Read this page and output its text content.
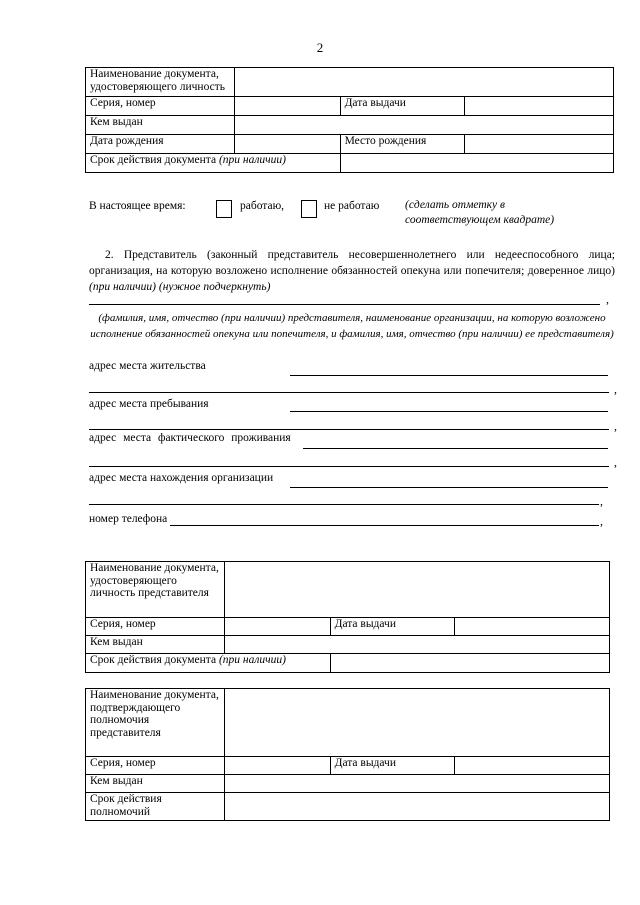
2
Наименование документа, удостоверяющего личность			
Серия, номер		Дата выдачи	
Кем выдан			
Дата рождения		Место рождения	
Срок действия документа (при наличии)			
В настоящее время:	работаю,	не работаю (сделать отметку в соответствующем квадрате)
2. Представитель (законный представитель несовершеннолетнего или недееспособного лица; организация, на которую возложено исполнение обязанностей опекуна или попечителя; доверенное лицо) (при наличии) (нужное подчеркнуть)
,
(фамилия, имя, отчество (при наличии) представителя, наименование организации, на которую возложено исполнение обязанностей опекуна или попечителя, и фамилия, имя, отчество (при наличии) ее представителя)
адрес места жительства
,
адрес места пребывания
,
адрес места фактического проживания
,
адрес места нахождения организации
,
номер телефона	,
Наименование документа, удостоверяющего личность представителя			
Серия, номер		Дата выдачи	
Кем выдан			
Срок действия документа (при наличии)			
Наименование документа, подтверждающего полномочия представителя			
Серия, номер		Дата выдачи	
Кем выдан			
Срок действия полномочий			
